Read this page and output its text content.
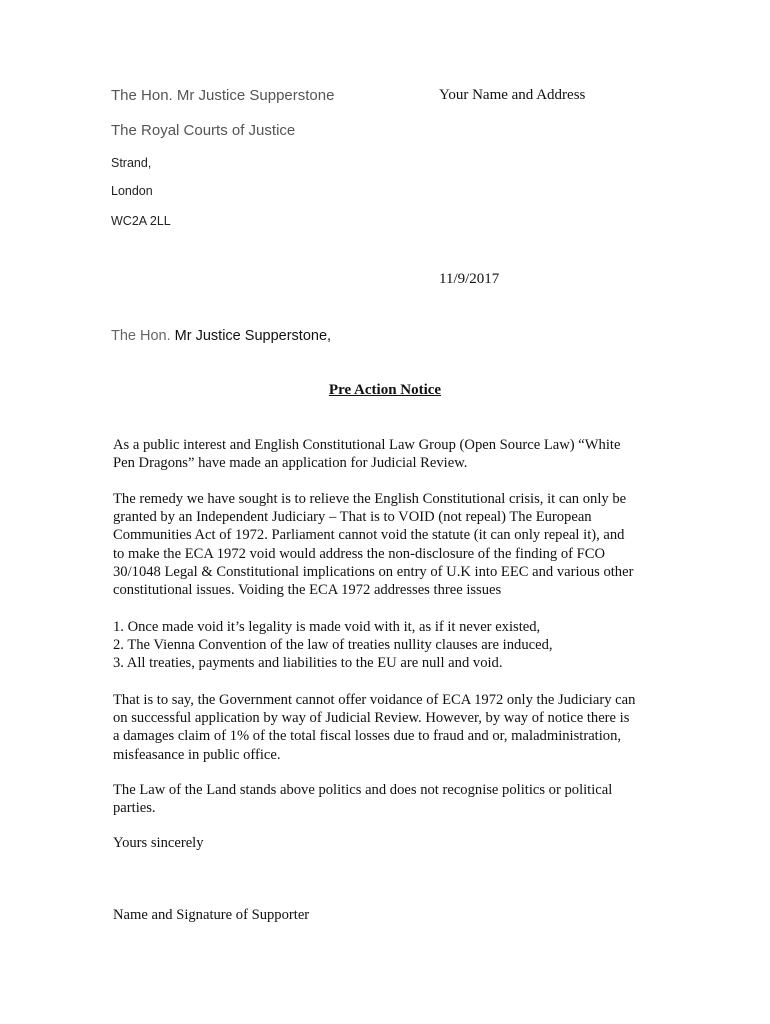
The Hon. Mr Justice Supperstone	Your Name and Address

The Royal Courts of Justice

Strand,

London

WC2A 2LL

11/9/2017

The Hon. Mr Justice Supperstone,

Pre Action Notice

As a public interest and English Constitutional Law Group (Open Source Law) “White
Pen Dragons” have made an application for Judicial Review.
The remedy we have sought is to relieve the English Constitutional crisis, it can only be
granted by an Independent Judiciary – That is to VOID (not repeal) The European
Communities Act of 1972. Parliament cannot void the statute (it can only repeal it), and
to make the ECA 1972 void would address the non-disclosure of the finding of FCO
30/1048 Legal & Constitutional implications on entry of U.K into EEC and various other
constitutional issues. Voiding the ECA 1972 addresses three issues
1. Once made void it’s legality is made void with it, as if it never existed,
2. The Vienna Convention of the law of treaties nullity clauses are induced,
3. All treaties, payments and liabilities to the EU are null and void.
That is to say, the Government cannot offer voidance of ECA 1972 only the Judiciary can
on successful application by way of Judicial Review. However, by way of notice there is
a damages claim of 1% of the total fiscal losses due to fraud and or, maladministration,
misfeasance in public office.
The Law of the Land stands above politics and does not recognise politics or political
parties.

Yours sincerely

Name and Signature of Supporter
